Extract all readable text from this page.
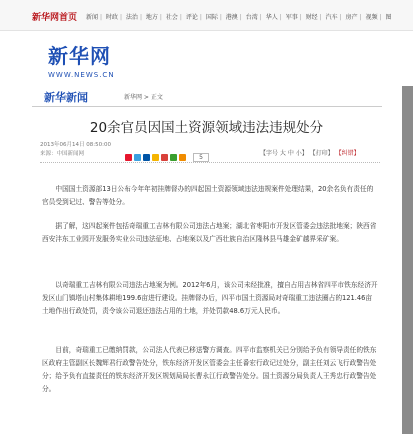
新华网首页 新闻 | 时政 | 法治 | 地方 | 社会 | 评论 | 国际 | 港澳 | 台湾 | 华人 | 军事 | 财经 | 汽车 | 房产 | 视频 | 图
新华网
WWW.NEWS.CN
新华新闻	新华网 > 正文
20余官员因国土资源领域违法违规处分
2013年06月14日 08:50:00
来源：中国新闻网	5
【字号 大 中 小】 【打印】 【纠错】
中国国土资源部13日公布今年年初挂牌督办的四起国土资源领域违法违规案件处理结果，20余名负有责任的官员受到记过、警告等处分。
据了解，这四起案件包括奇瑞重工吉林有限公司违法占地案；湖北省枣阳市开发区管委会违法批地案；陕西省西安沣东工业园开发服务实业公司违法征地、占地案以及广西壮族自治区隆林县马雄金矿越界采矿案。
以奇瑞重工吉林有限公司违法占地案为例。2012年6月，该公司未经批准，擅自占用吉林省四平市铁东经济开发区山门镇塔山村集体耕地199.6亩进行建设。挂牌督办后，四平市国土资源局对奇瑞重工违法圈占的121.46亩土地作出行政处罚，责令该公司退还违法占用的土地，并处罚款48.6万元人民币。
目前，奇瑞重工已缴纳罚款，公司法人代表已移送警方调查。四平市监察机关已分别给予负有领导责任的铁东区政府主管副区长魏辉君行政警告处分，铁东经济开发区管委会主任番宏行政记过处分，副主任刘云飞行政警告处分；给予负有直接责任的铁东经济开发区规划局局长曹永江行政警告处分。国土资源分局负责人王秀忠行政警告处分。
